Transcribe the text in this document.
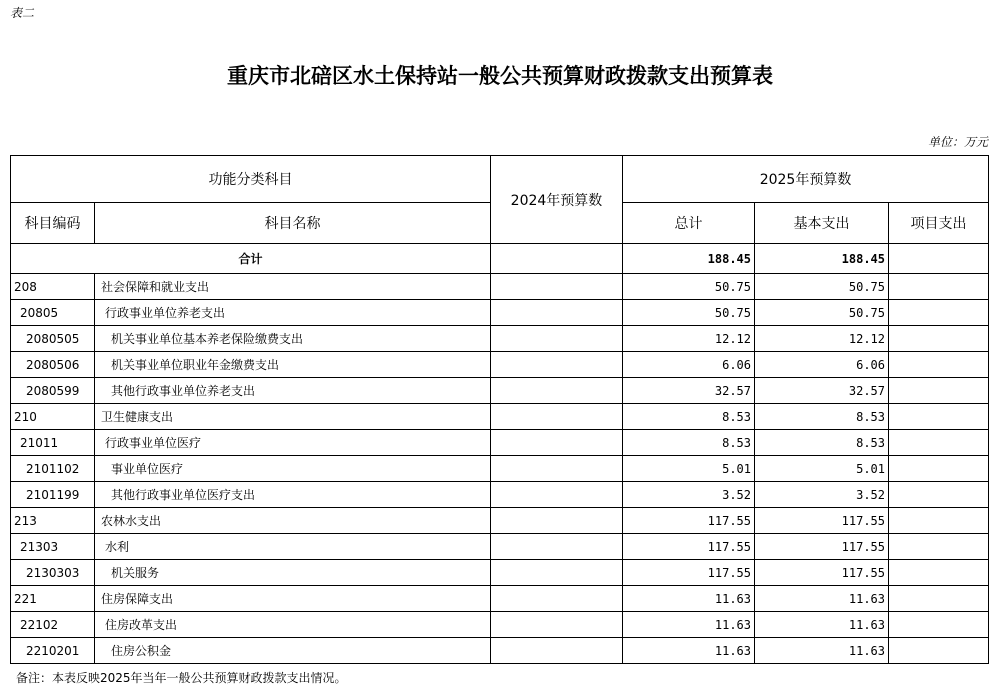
表二
重庆市北碚区水土保持站一般公共预算财政拨款支出预算表
单位：万元
功能分类科目		2024年预算数	2025年预算数		
科目编码	科目名称		总计	基本支出	项目支出
合计			188.45	188.45	
208	社会保障和就业支出		50.75	50.75	
20805	行政事业单位养老支出		50.75	50.75	
2080505	机关事业单位基本养老保险缴费支出		12.12	12.12	
2080506	机关事业单位职业年金缴费支出		6.06	6.06	
2080599	其他行政事业单位养老支出		32.57	32.57	
210	卫生健康支出		8.53	8.53	
21011	行政事业单位医疗		8.53	8.53	
2101102	事业单位医疗		5.01	5.01	
2101199	其他行政事业单位医疗支出		3.52	3.52	
213	农林水支出		117.55	117.55	
21303	水利		117.55	117.55	
2130303	机关服务		117.55	117.55	
221	住房保障支出		11.63	11.63	
22102	住房改革支出		11.63	11.63	
2210201	住房公积金		11.63	11.63	
备注：本表反映2025年当年一般公共预算财政拨款支出情况。
